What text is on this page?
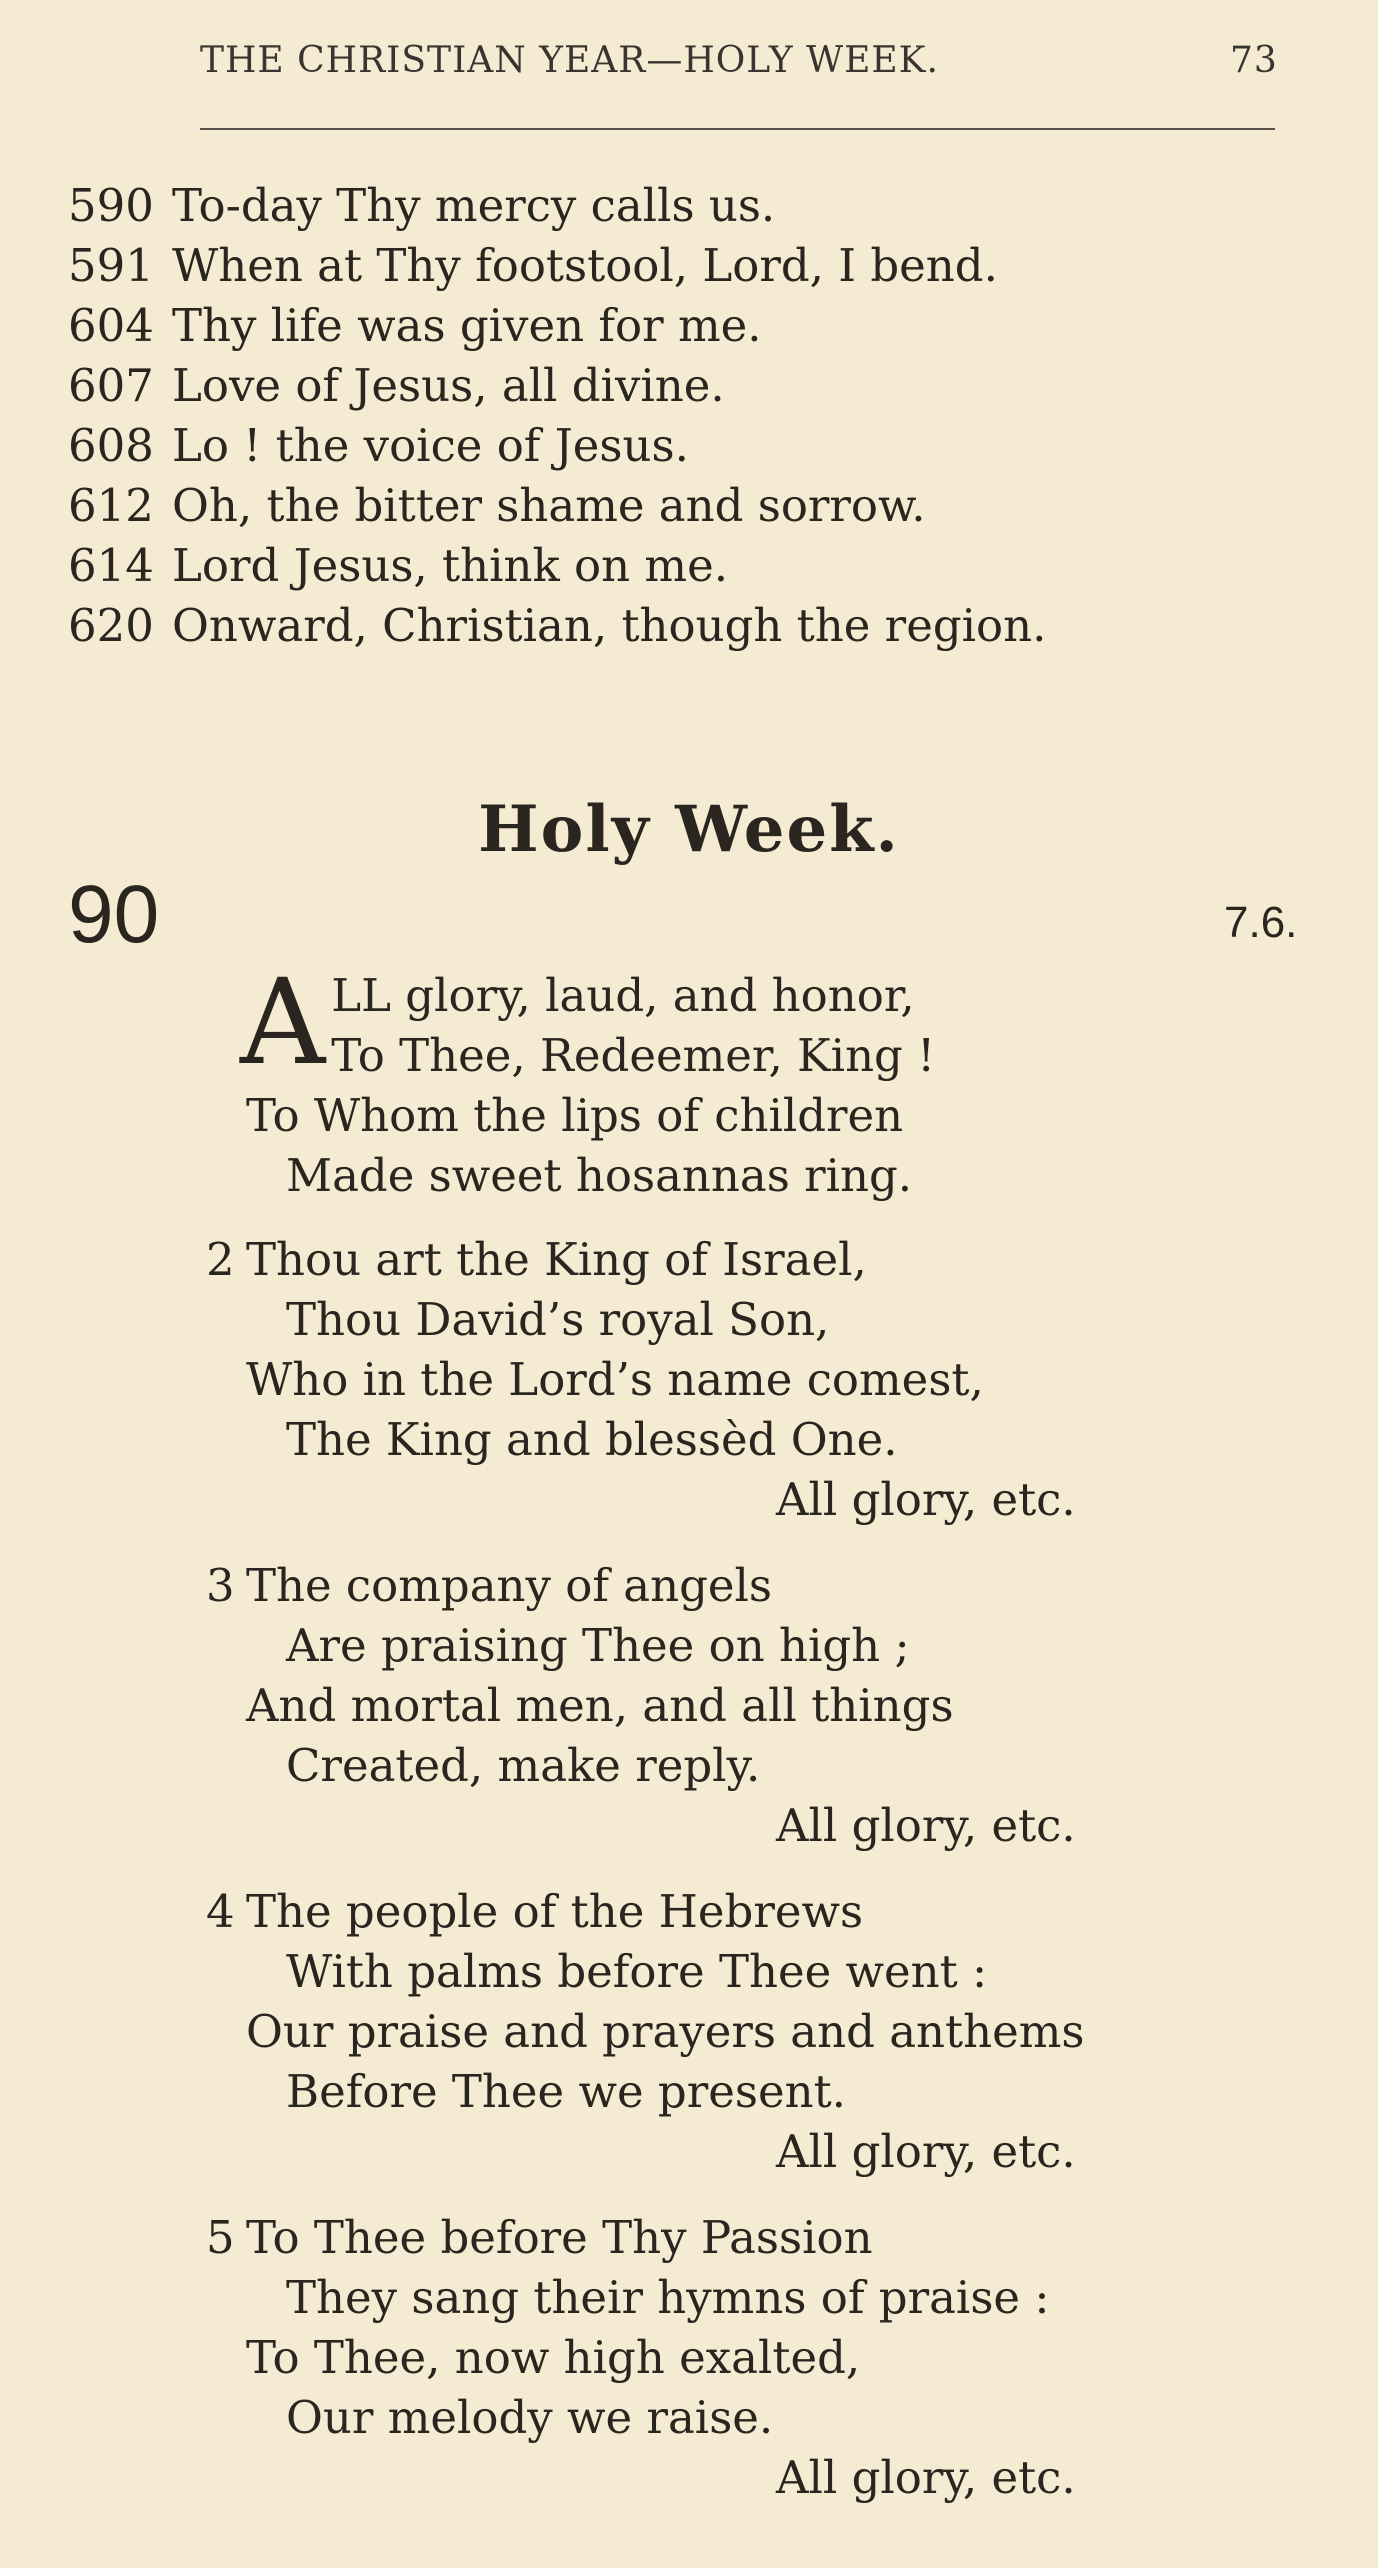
THE CHRISTIAN YEAR—HOLY WEEK.	73
590 To-day Thy mercy calls us.
591 When at Thy footstool, Lord, I bend.
604 Thy life was given for me.
607 Love of Jesus, all divine.
608 Lo ! the voice of Jesus.
612 Oh, the bitter shame and sorrow.
614 Lord Jesus, think on me.
620 Onward, Christian, though the region.
Holy Week.
90	7.6.
A LL glory, laud, and honor,
To Thee, Redeemer, King !
To Whom the lips of children
Made sweet hosannas ring.
2 Thou art the King of Israel,
Thou David’s royal Son,
Who in the Lord’s name comest,
The King and blessèd One.
All glory, etc.
3 The company of angels
Are praising Thee on high ;
And mortal men, and all things
Created, make reply.
All glory, etc.
4 The people of the Hebrews
With palms before Thee went :
Our praise and prayers and anthems
Before Thee we present.
All glory, etc.
5 To Thee before Thy Passion
They sang their hymns of praise :
To Thee, now high exalted,
Our melody we raise.
All glory, etc.
